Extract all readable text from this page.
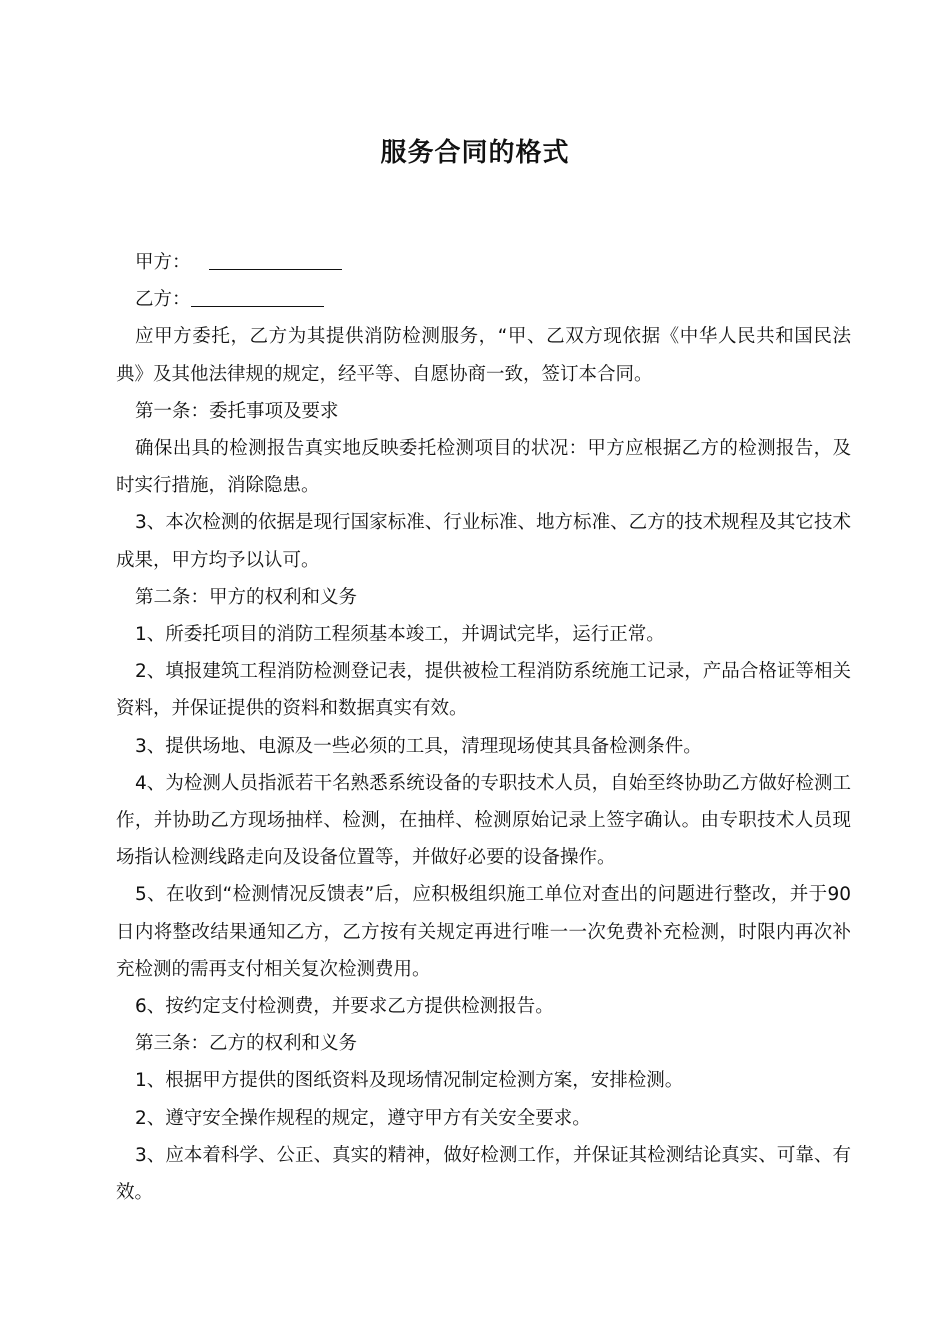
服务合同的格式

甲方：

乙方：

应甲方委托，乙方为其提供消防检测服务，“甲、乙双方现依据《中华人民共和国民法典》及其他法律规的规定，经平等、自愿协商一致，签订本合同。

第一条：委托事项及要求

确保出具的检测报告真实地反映委托检测项目的状况：甲方应根据乙方的检测报告，及时实行措施，消除隐患。

3、本次检测的依据是现行国家标准、行业标准、地方标准、乙方的技术规程及其它技术成果，甲方均予以认可。

第二条：甲方的权利和义务

1、所委托项目的消防工程须基本竣工，并调试完毕，运行正常。

2、填报建筑工程消防检测登记表，提供被检工程消防系统施工记录，产品合格证等相关资料，并保证提供的资料和数据真实有效。

3、提供场地、电源及一些必须的工具，清理现场使其具备检测条件。

4、为检测人员指派若干名熟悉系统设备的专职技术人员，自始至终协助乙方做好检测工作，并协助乙方现场抽样、检测，在抽样、检测原始记录上签字确认。由专职技术人员现场指认检测线路走向及设备位置等，并做好必要的设备操作。

5、在收到“检测情况反馈表”后，应积极组织施工单位对查出的问题进行整改，并于90日内将整改结果通知乙方，乙方按有关规定再进行唯一一次免费补充检测，时限内再次补充检测的需再支付相关复次检测费用。

6、按约定支付检测费，并要求乙方提供检测报告。

第三条：乙方的权利和义务

1、根据甲方提供的图纸资料及现场情况制定检测方案，安排检测。

2、遵守安全操作规程的规定，遵守甲方有关安全要求。

3、应本着科学、公正、真实的精神，做好检测工作，并保证其检测结论真实、可靠、有效。
